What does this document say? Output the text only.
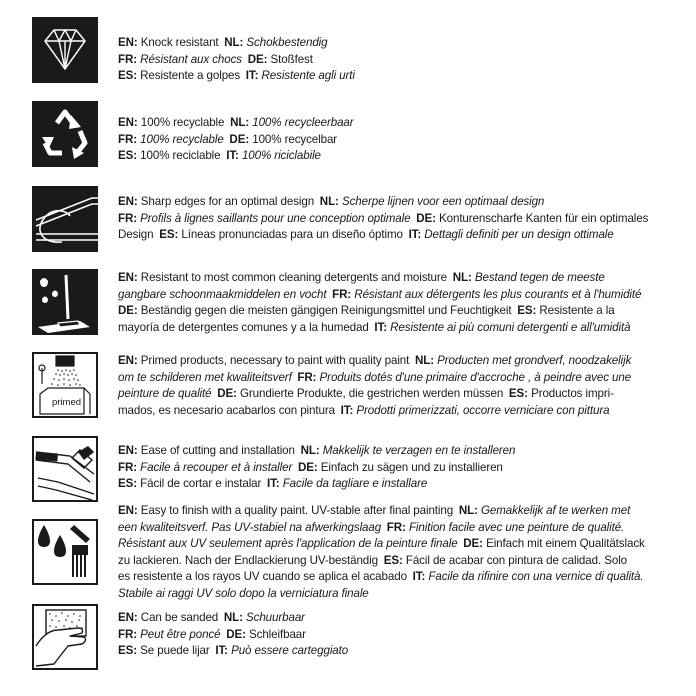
EN: Knock resistant  NL: Schokbestendig
FR: Résistant aux chocs  DE: Stoßfest
ES: Resistente a golpes  IT: Resistente agli urti
EN: 100% recyclable  NL: 100% recycleerbaar
FR: 100% recyclable  DE: 100% recycelbar
ES: 100% reciclable  IT: 100% riciclabile
EN: Sharp edges for an optimal design  NL: Scherpe lijnen voor een optimaal design
FR: Profils à lignes saillants pour une conception optimale  DE: Konturenscharfe Kanten für ein optimales
Design  ES: Líneas pronunciadas para un diseño óptimo  IT: Dettagli definiti per un design ottimale
EN: Resistant to most common cleaning detergents and moisture  NL: Bestand tegen de meeste
gangbare schoonmaakmiddelen en vocht  FR: Résistant aux détergents les plus courants et à l'humidité
DE: Beständig gegen die meisten gängigen Reinigungsmittel und Feuchtigkeit  ES: Resistente a la
mayoría de detergentes comunes y a la humedad  IT: Resistente ai più comuni detergenti e all'umidità
primed
EN: Primed products, necessary to paint with quality paint  NL: Producten met grondverf, noodzakelijk
om te schilderen met kwaliteitsverf  FR: Produits dotés d'une primaire d'accroche , à peindre avec une
peinture de qualité  DE: Grundierte Produkte, die gestrichen werden müssen  ES: Productos impri-
mados, es necesario acabarlos con pintura  IT: Prodotti primerizzati, occorre verniciare con pittura
EN: Ease of cutting and installation  NL: Makkelijk te verzagen en te installeren
FR: Facile à recouper et à installer  DE: Einfach zu sägen und zu installieren
ES: Fácil de cortar e instalar  IT: Facile da tagliare e installare
EN: Easy to finish with a quality paint. UV-stable after final painting  NL: Gemakkelijk af te werken met
een kwaliteitsverf. Pas UV-stabiel na afwerkingslaag  FR: Finition facile avec une peinture de qualité.
Résistant aux UV seulement après l'application de la peinture finale  DE: Einfach mit einem Qualitätslack
zu lackieren. Nach der Endlackierung UV-beständig  ES: Fácil de acabar con pintura de calidad. Solo
es resistente a los rayos UV cuando se aplica el acabado  IT: Facile da rifinire con una vernice di qualità.
Stabile ai raggi UV solo dopo la verniciatura finale
EN: Can be sanded  NL: Schuurbaar
FR: Peut être poncé  DE: Schleifbaar
ES: Se puede lijar  IT: Può essere carteggiato
